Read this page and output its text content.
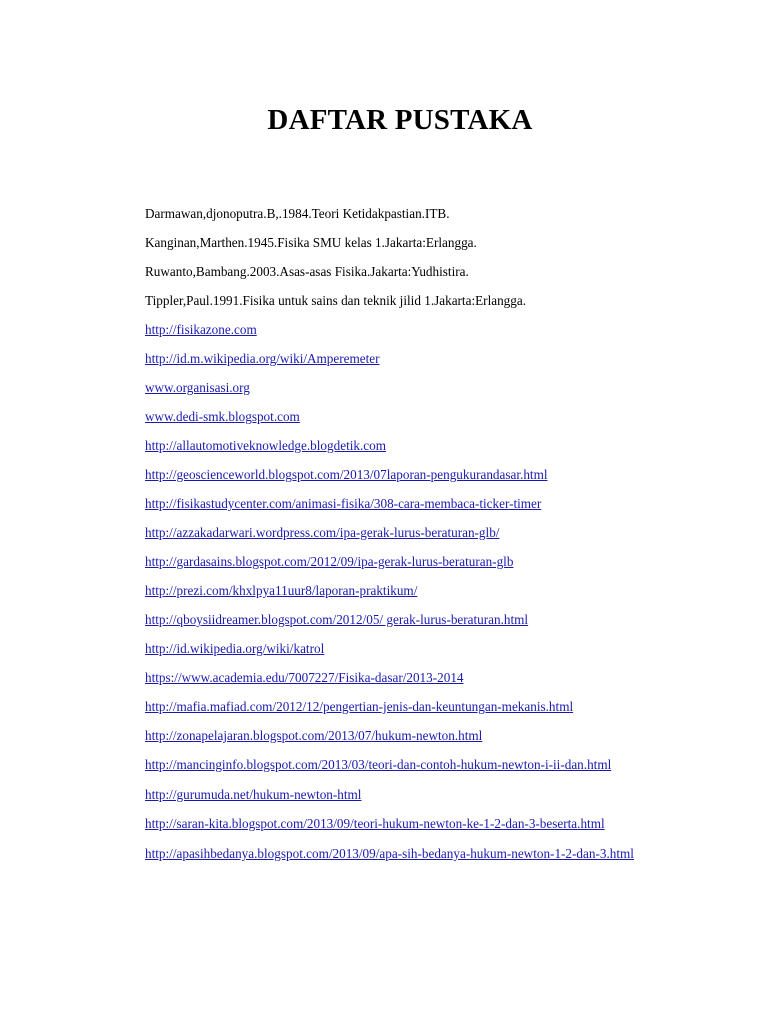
DAFTAR PUSTAKA
Darmawan,djonoputra.B,.1984.Teori Ketidakpastian.ITB.
Kanginan,Marthen.1945.Fisika SMU kelas 1.Jakarta:Erlangga.
Ruwanto,Bambang.2003.Asas-asas Fisika.Jakarta:Yudhistira.
Tippler,Paul.1991.Fisika untuk sains dan teknik jilid 1.Jakarta:Erlangga.
http://fisikazone.com
http://id.m.wikipedia.org/wiki/Amperemeter
www.organisasi.org
www.dedi-smk.blogspot.com
http://allautomotiveknowledge.blogdetik.com
http://geoscienceworld.blogspot.com/2013/07laporan-pengukurandasar.html
http://fisikastudycenter.com/animasi-fisika/308-cara-membaca-ticker-timer
http://azzakadarwari.wordpress.com/ipa-gerak-lurus-beraturan-glb/
http://gardasains.blogspot.com/2012/09/ipa-gerak-lurus-beraturan-glb
http://prezi.com/khxlpya11uur8/laporan-praktikum/
http://qboysiidreamer.blogspot.com/2012/05/ gerak-lurus-beraturan.html
http://id.wikipedia.org/wiki/katrol
https://www.academia.edu/7007227/Fisika-dasar/2013-2014
http://mafia.mafiad.com/2012/12/pengertian-jenis-dan-keuntungan-mekanis.html
http://zonapelajaran.blogspot.com/2013/07/hukum-newton.html
http://mancinginfo.blogspot.com/2013/03/teori-dan-contoh-hukum-newton-i-ii-dan.html
http://gurumuda.net/hukum-newton-html
http://saran-kita.blogspot.com/2013/09/teori-hukum-newton-ke-1-2-dan-3-beserta.html
http://apasihbedanya.blogspot.com/2013/09/apa-sih-bedanya-hukum-newton-1-2-dan-3.html
